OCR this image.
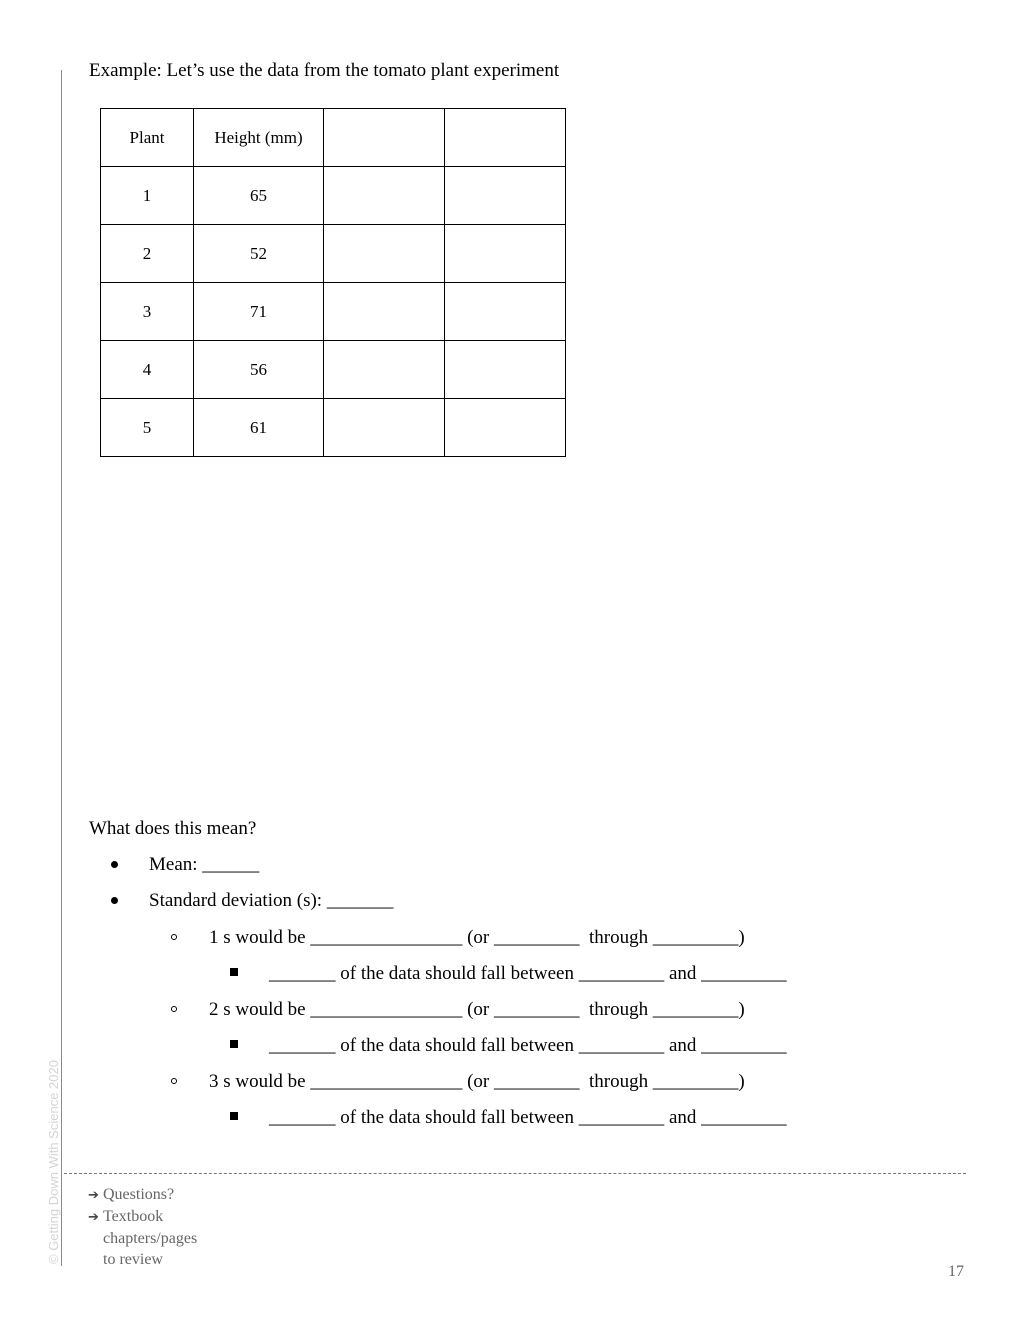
© Getting Down With Science 2020
Example: Let’s use the data from the tomato plant experiment
Plant	Height (mm)		
1	65		
2	52		
3	71		
4	56		
5	61		
What does this mean?
Mean: ______
Standard deviation (s): _______
1 s would be ________________ (or _________  through _________)
_______ of the data should fall between _________ and _________
2 s would be ________________ (or _________  through _________)
_______ of the data should fall between _________ and _________
3 s would be ________________ (or _________  through _________)
_______ of the data should fall between _________ and _________
➔ Questions?
➔ Textbook
chapters/pages
to review
17
